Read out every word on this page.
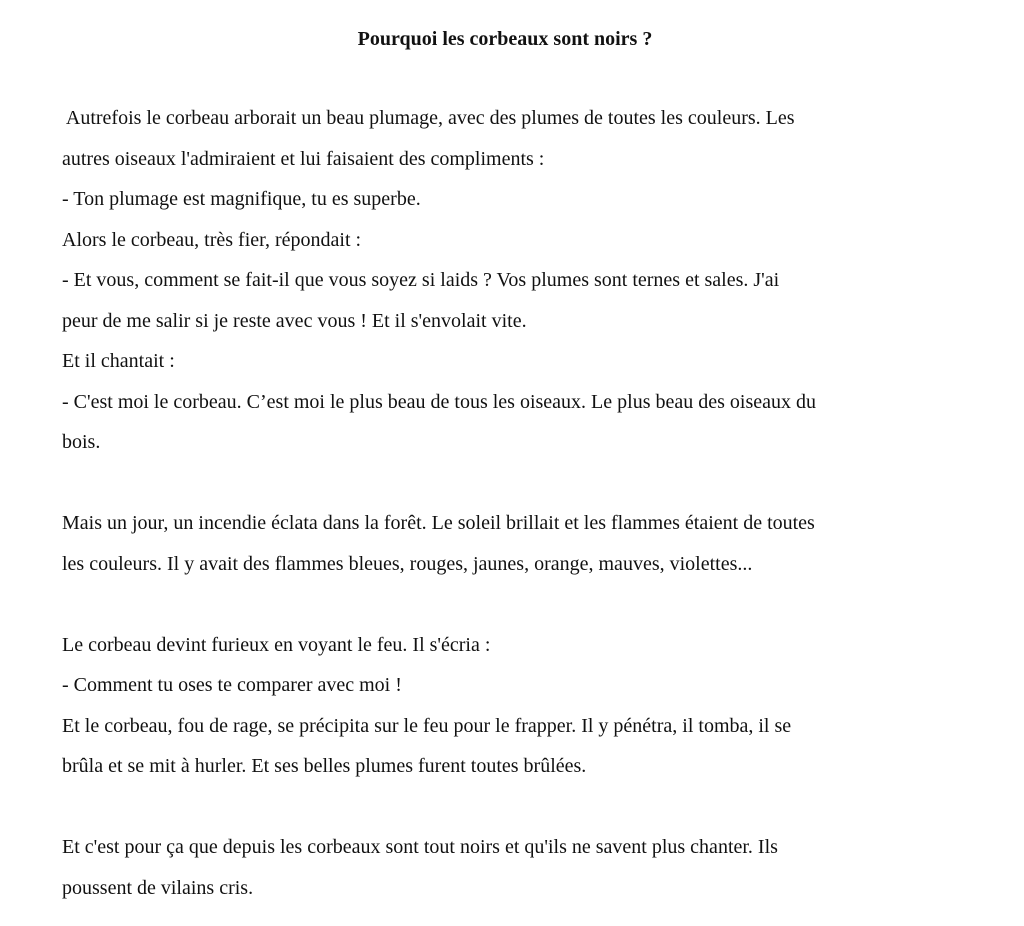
Pourquoi les corbeaux sont noirs ?

Autrefois le corbeau arborait un beau plumage, avec des plumes de toutes les couleurs. Les
autres oiseaux l'admiraient et lui faisaient des compliments :
- Ton plumage est magnifique, tu es superbe.
Alors le corbeau, très fier, répondait :
- Et vous, comment se fait-il que vous soyez si laids ? Vos plumes sont ternes et sales. J'ai
peur de me salir si je reste avec vous ! Et il s'envolait vite.
Et il chantait :
- C'est moi le corbeau. C’est moi le plus beau de tous les oiseaux. Le plus beau des oiseaux du
bois.

Mais un jour, un incendie éclata dans la forêt. Le soleil brillait et les flammes étaient de toutes
les couleurs. Il y avait des flammes bleues, rouges, jaunes, orange, mauves, violettes...

Le corbeau devint furieux en voyant le feu. Il s'écria :
- Comment tu oses te comparer avec moi !
Et le corbeau, fou de rage, se précipita sur le feu pour le frapper. Il y pénétra, il tomba, il se
brûla et se mit à hurler. Et ses belles plumes furent toutes brûlées.

Et c'est pour ça que depuis les corbeaux sont tout noirs et qu'ils ne savent plus chanter. Ils
poussent de vilains cris.
